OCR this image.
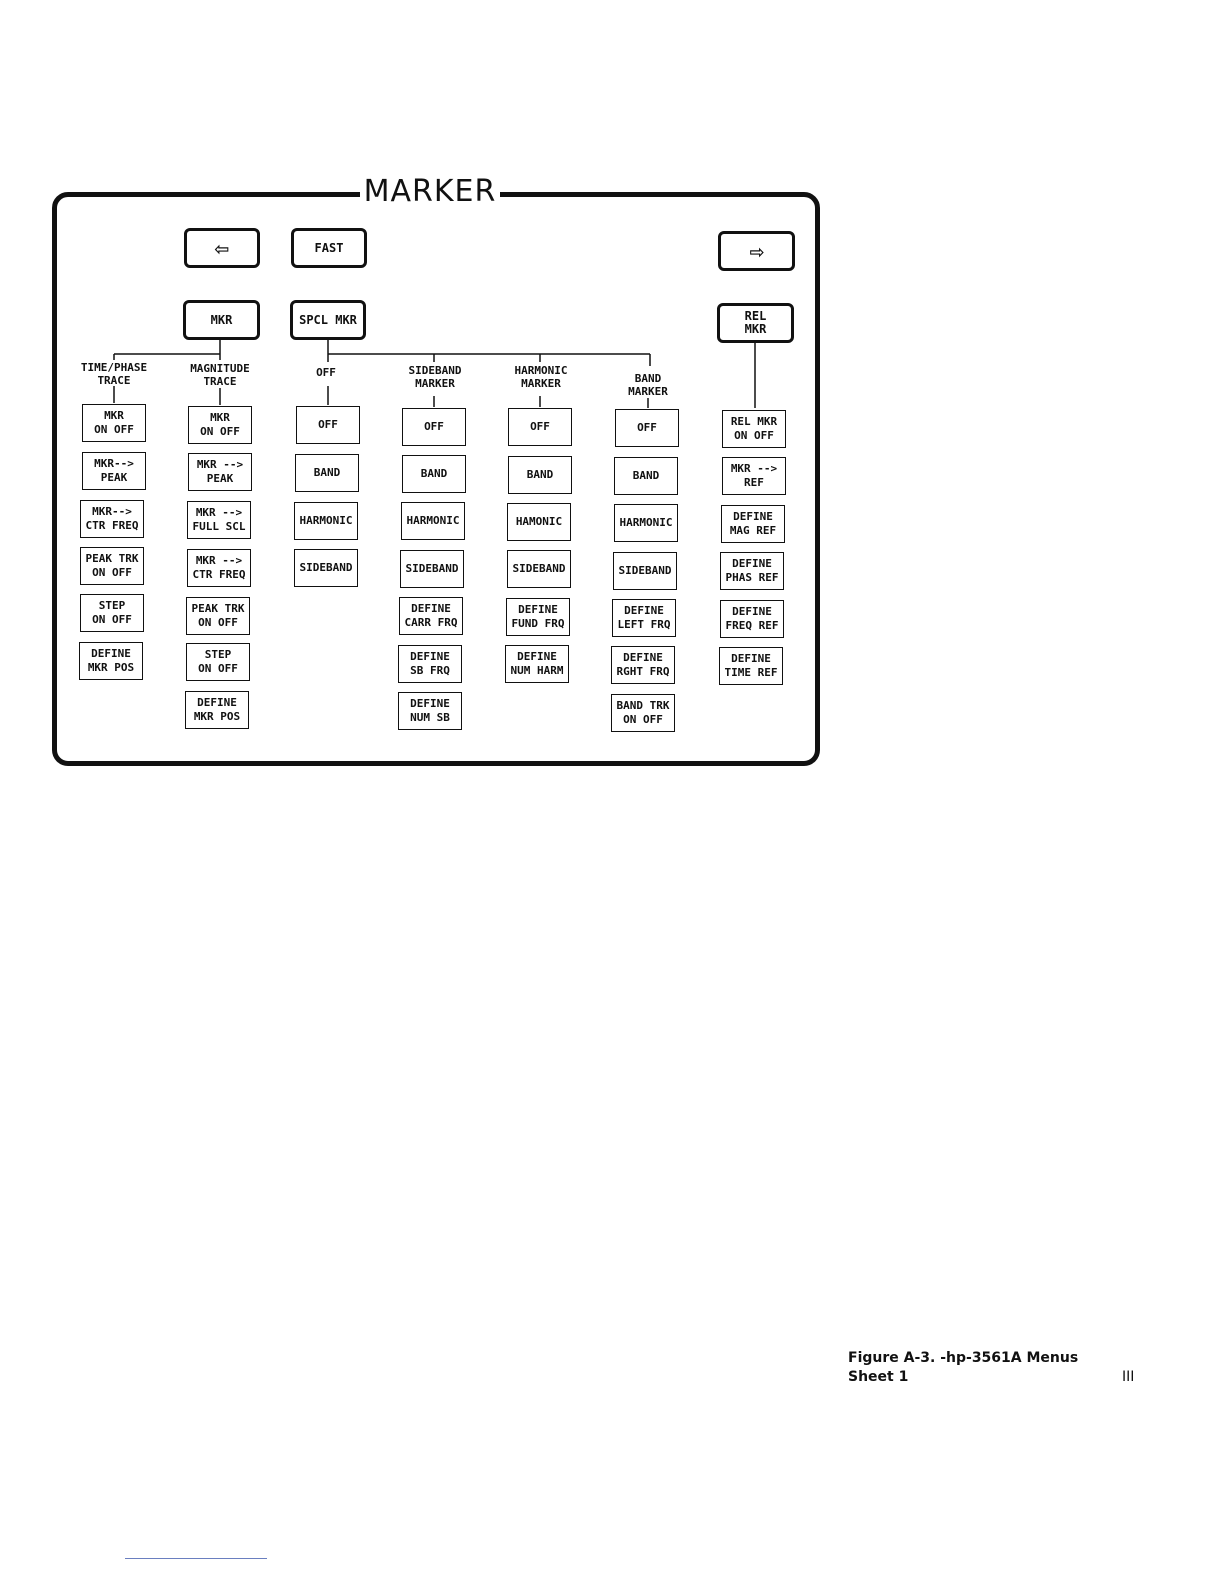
MARKER
⇦	FAST	⇨
MKR	SPCL MKR	REL
MKR
TIME/PHASE
TRACE
MAGNITUDE
TRACE
OFF	SIDEBAND
MARKER
HARMONIC
MARKER	BAND
MARKER
MKR
ON OFF
MKR-->
PEAK
MKR-->
CTR FREQ
PEAK TRK
ON OFF
STEP
ON OFF
DEFINE
MKR POS
MKR
ON OFF
MKR -->
PEAK
MKR -->
FULL SCL
MKR -->
CTR FREQ
PEAK TRK
ON OFF
STEP
ON OFF
DEFINE
MKR POS
OFF
BAND
HARMONIC
SIDEBAND
OFF
BAND
HARMONIC
SIDEBAND
DEFINE
CARR FRQ
DEFINE
SB FRQ
DEFINE
NUM SB
OFF
BAND
HAMONIC
SIDEBAND
DEFINE
FUND FRQ
DEFINE
NUM HARM
OFF
BAND
HARMONIC
SIDEBAND
DEFINE
LEFT FRQ
DEFINE
RGHT FRQ
BAND TRK
ON OFF
REL MKR
ON OFF
MKR -->
REF
DEFINE
MAG REF
DEFINE
PHAS REF
DEFINE
FREQ REF
DEFINE
TIME REF
Figure A-3. -hp-3561A Menus
Sheet 1	III
